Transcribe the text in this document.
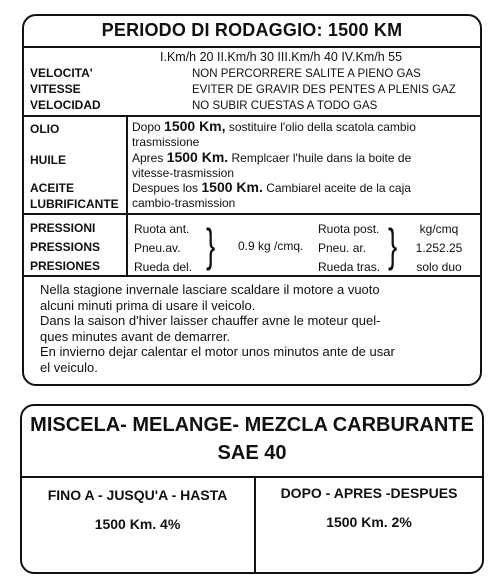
PERIODO DI RODAGGIO: 1500 KM
I.Km/h 20 II.Km/h 30 III.Km/h 40 IV.Km/h 55
VELOCITA'
VITESSE
VELOCIDAD
NON PERCORRERE SALITE A PIENO GAS
EVITER DE GRAVIR DES PENTES A PLENIS GAZ
NO SUBIR CUESTAS A TODO GAS
OLIO
HUILE
ACEITE
LUBRIFICANTE
Dopo 1500 Km, sostituire l'olio della scatola cambio trasmissione
Apres 1500 Km. Remplcaer l'huile dans la boite de vitesse-trasmission
Despues los 1500 Km. Cambiarel aceite de la caja cambio-trasmission
PRESSIONI
PRESSIONS
PRESIONES
Ruota ant.
Pneu.av.
Rueda del. } 0.9 kg /cmq.
Ruota post.
Pneu. ar.
Rueda tras. }	kg/cmq
1.252.25
solo duo
Nella stagione invernale lasciare scaldare il motore a vuoto
alcuni minuti prima di usare il veicolo.
Dans la saison d'hiver laisser chauffer avne le moteur quel-
ques minutes avant de demarrer.
En invierno dejar calentar el motor unos minutos ante de usar
el veiculo.
MISCELA- MELANGE- MEZCLA CARBURANTE
SAE 40
FINO A - JUSQU'A - HASTA
1500 Km. 4%
DOPO - APRES -DESPUES
1500 Km. 2%
